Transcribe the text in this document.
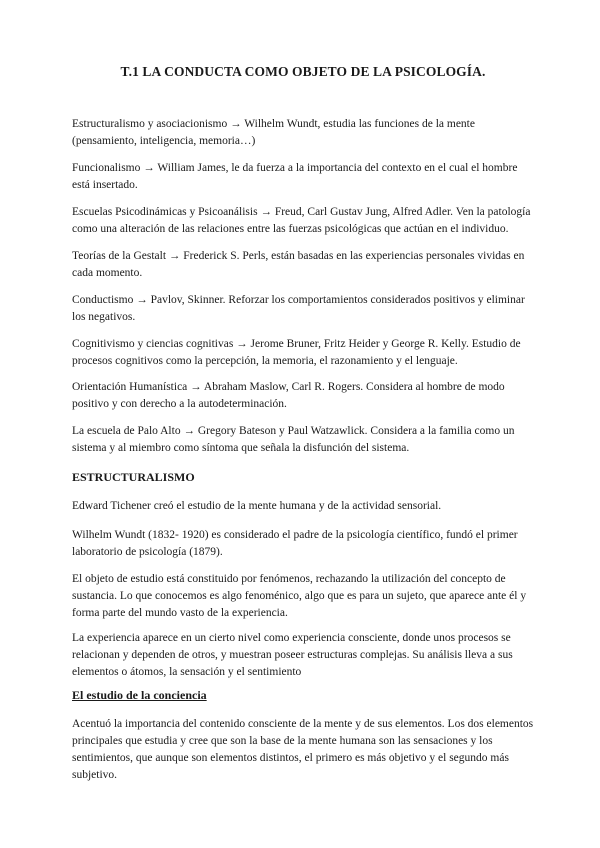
T.1 LA CONDUCTA COMO OBJETO DE LA PSICOLOGÍA.

Estructuralismo y asociacionismo → Wilhelm Wundt, estudia las funciones de la mente (pensamiento, inteligencia, memoria…)

Funcionalismo → William James, le da fuerza a la importancia del contexto en el cual el hombre está insertado.

Escuelas Psicodinámicas y Psicoanálisis → Freud, Carl Gustav Jung, Alfred Adler. Ven la patología como una alteración de las relaciones entre las fuerzas psicológicas que actúan en el individuo.

Teorías de la Gestalt → Frederick S. Perls, están basadas en las experiencias personales vividas en cada momento.

Conductismo → Pavlov, Skinner. Reforzar los comportamientos considerados positivos y eliminar los negativos.

Cognitivismo y ciencias cognitivas → Jerome Bruner, Fritz Heider y George R. Kelly. Estudio de procesos cognitivos como la percepción, la memoria, el razonamiento y el lenguaje.

Orientación Humanística → Abraham Maslow, Carl R. Rogers. Considera al hombre de modo positivo y con derecho a la autodeterminación.

La escuela de Palo Alto → Gregory Bateson y Paul Watzawlick. Considera a la familia como un sistema y al miembro como síntoma que señala la disfunción del sistema.

ESTRUCTURALISMO

Edward Tichener creó el estudio de la mente humana y de la actividad sensorial.

Wilhelm Wundt (1832- 1920) es considerado el padre de la psicología científico, fundó el primer laboratorio de psicología (1879).

El objeto de estudio está constituido por fenómenos, rechazando la utilización del concepto de sustancia. Lo que conocemos es algo fenoménico, algo que es para un sujeto, que aparece ante él y forma parte del mundo vasto de la experiencia.

La experiencia aparece en un cierto nivel como experiencia consciente, donde unos procesos se relacionan y dependen de otros, y muestran poseer estructuras complejas. Su análisis lleva a sus elementos o átomos, la sensación y el sentimiento

El estudio de la conciencia

Acentuó la importancia del contenido consciente de la mente y de sus elementos. Los dos elementos principales que estudia y cree que son la base de la mente humana son las sensaciones y los sentimientos, que aunque son elementos distintos, el primero es más objetivo y el segundo más subjetivo.
